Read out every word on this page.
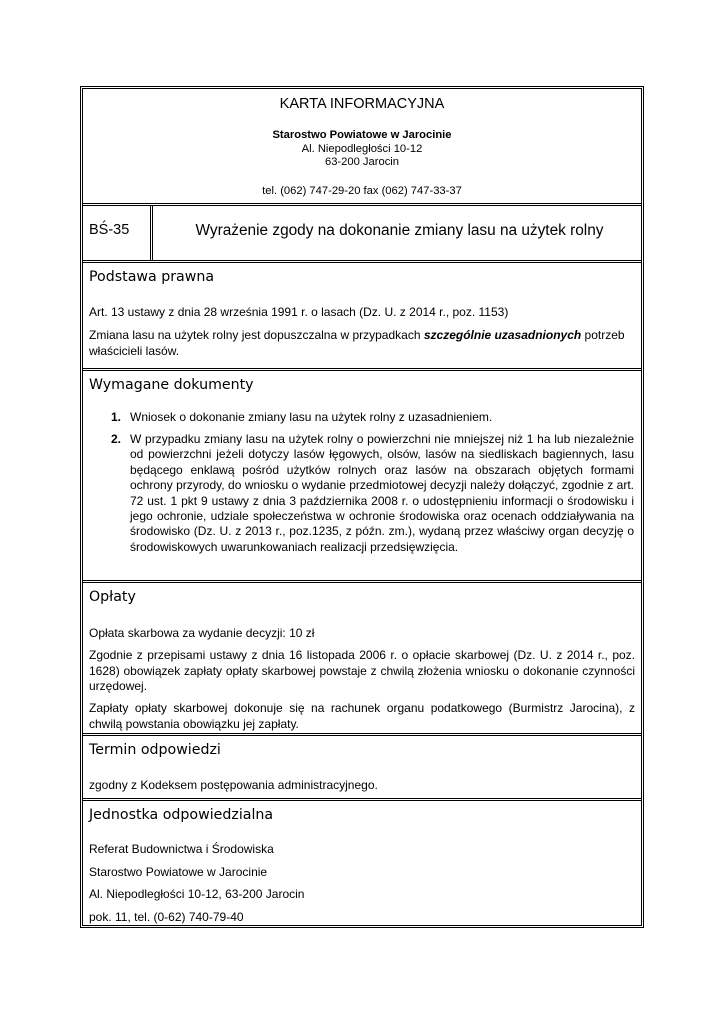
KARTA INFORMACYJNA
Starostwo Powiatowe w Jarocinie
Al. Niepodległości 10-12
63-200 Jarocin
tel. (062) 747-29-20 fax (062) 747-33-37
BŚ-35	Wyrażenie zgody na dokonanie zmiany lasu na użytek rolny
Podstawa prawna
Art. 13 ustawy z dnia 28 września 1991 r. o lasach (Dz. U. z 2014 r., poz. 1153)
Zmiana lasu na użytek rolny jest dopuszczalna w przypadkach szczególnie uzasadnionych potrzeb właścicieli lasów.
Wymagane dokumenty
1. Wniosek o dokonanie zmiany lasu na użytek rolny z uzasadnieniem.
2. W przypadku zmiany lasu na użytek rolny o powierzchni nie mniejszej niż 1 ha lub niezależnie od powierzchni jeżeli dotyczy lasów łęgowych, olsów, lasów na siedliskach bagiennych, lasu będącego enklawą pośród użytków rolnych oraz lasów na obszarach objętych formami ochrony przyrody, do wniosku o wydanie przedmiotowej decyzji należy dołączyć, zgodnie z art. 72 ust. 1 pkt 9 ustawy z dnia 3 października 2008 r. o udostępnieniu informacji o środowisku i jego ochronie, udziale społeczeństwa w ochronie środowiska oraz ocenach oddziaływania na środowisko (Dz. U. z 2013 r., poz.1235, z późn. zm.), wydaną przez właściwy organ decyzję o środowiskowych uwarunkowaniach realizacji przedsięwzięcia.
Opłaty
Opłata skarbowa za wydanie decyzji: 10 zł
Zgodnie z przepisami ustawy z dnia 16 listopada 2006 r. o opłacie skarbowej (Dz. U. z 2014 r., poz. 1628) obowiązek zapłaty opłaty skarbowej powstaje z chwilą złożenia wniosku o dokonanie czynności urzędowej.
Zapłaty opłaty skarbowej dokonuje się na rachunek organu podatkowego (Burmistrz Jarocina), z chwilą powstania obowiązku jej zapłaty.
Termin odpowiedzi
zgodny z Kodeksem postępowania administracyjnego.
Jednostka odpowiedzialna
Referat Budownictwa i Środowiska
Starostwo Powiatowe w Jarocinie
Al. Niepodległości 10-12, 63-200 Jarocin
pok. 11, tel. (0-62) 740-79-40
